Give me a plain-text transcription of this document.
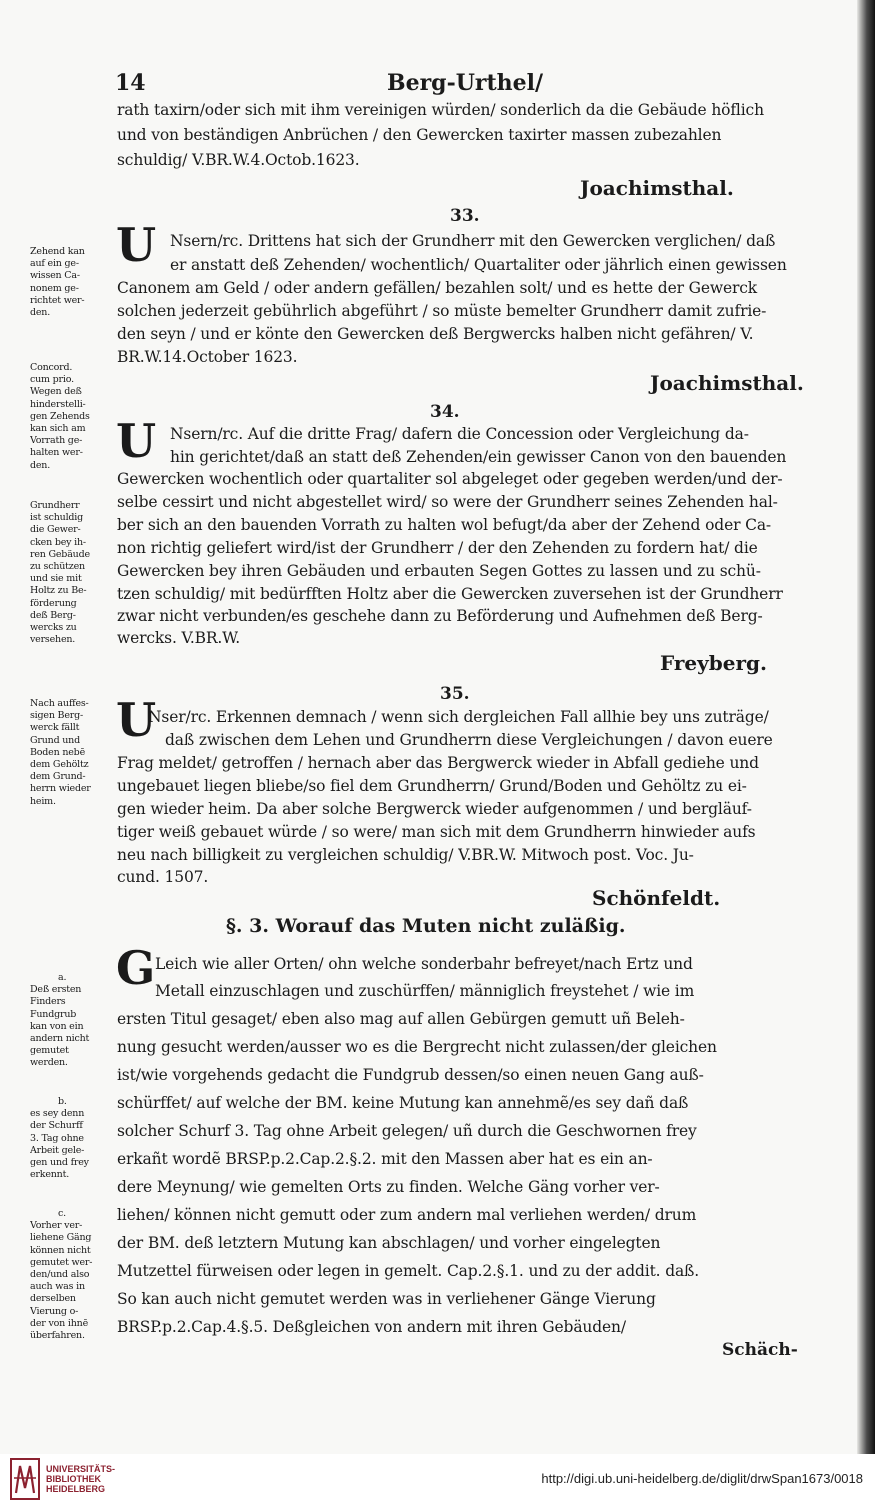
14	Berg-Urthel/
rath taxirn/oder sich mit ihm vereinigen würden/ sonderlich da die Gebäude höflich
und von beständigen Anbrüchen / den Gewercken taxirter massen zubezahlen
schuldig/ V.BR.W.4.Octob.1623.
Joachimsthal.
33.
U Nsern/rc. Drittens hat sich der Grundherr mit den Gewercken verglichen/ daß
er anstatt deß Zehenden/ wochentlich/ Quartaliter oder jährlich einen gewissen
Canonem am Geld / oder andern gefällen/ bezahlen solt/ und es hette der Gewerck
solchen jederzeit gebührlich abgeführt / so müste bemelter Grundherr damit zufrie-
den seyn / und er könte den Gewercken deß Bergwercks halben nicht gefähren/ V.
BR.W.14.October 1623.
Joachimsthal.
34.
U Nsern/rc. Auf die dritte Frag/ dafern die Concession oder Vergleichung da-
hin gerichtet/daß an statt deß Zehenden/ein gewisser Canon von den bauenden
Gewercken wochentlich oder quartaliter sol abgeleget oder gegeben werden/und der-
selbe cessirt und nicht abgestellet wird/ so were der Grundherr seines Zehenden hal-
ber sich an den bauenden Vorrath zu halten wol befugt/da aber der Zehend oder Ca-
non richtig geliefert wird/ist der Grundherr / der den Zehenden zu fordern hat/ die
Gewercken bey ihren Gebäuden und erbauten Segen Gottes zu lassen und zu schü-
tzen schuldig/ mit bedürfften Holtz aber die Gewercken zuversehen ist der Grundherr
zwar nicht verbunden/es geschehe dann zu Beförderung und Aufnehmen deß Berg-
wercks. V.BR.W.
Freyberg.
35.
U
Nser/rc. Erkennen demnach / wenn sich dergleichen Fall allhie bey uns zuträge/
daß zwischen dem Lehen und Grundherrn diese Vergleichungen / davon euere
Frag meldet/ getroffen / hernach aber das Bergwerck wieder in Abfall gediehe und
ungebauet liegen bliebe/so fiel dem Grundherrn/ Grund/Boden und Gehöltz zu ei-
gen wieder heim. Da aber solche Bergwerck wieder aufgenommen / und bergläuf-
tiger weiß gebauet würde / so were/ man sich mit dem Grundherrn hinwieder aufs
neu nach billigkeit zu vergleichen schuldig/ V.BR.W. Mitwoch post. Voc. Ju-
cund. 1507.
Schönfeldt.
§. 3. Worauf das Muten nicht zuläßig.
G Leich wie aller Orten/ ohn welche sonderbahr befreyet/nach Ertz und
Metall einzuschlagen und zuschürffen/ männiglich freystehet / wie im
ersten Titul gesaget/ eben also mag auf allen Gebürgen gemutt uñ Beleh-
nung gesucht werden/ausser wo es die Bergrecht nicht zulassen/der gleichen
ist/wie vorgehends gedacht die Fundgrub dessen/so einen neuen Gang auß-
schürffet/ auf welche der BM. keine Mutung kan annehmẽ/es sey dañ daß
solcher Schurf 3. Tag ohne Arbeit gelegen/ uñ durch die Geschwornen frey
erkañt wordẽ BRSP.p.2.Cap.2.§.2. mit den Massen aber hat es ein an-
dere Meynung/ wie gemelten Orts zu finden. Welche Gäng vorher ver-
liehen/ können nicht gemutt oder zum andern mal verliehen werden/ drum
der BM. deß letztern Mutung kan abschlagen/ und vorher eingelegten
Mutzettel fürweisen oder legen in gemelt. Cap.2.§.1. und zu der addit. daß.
So kan auch nicht gemutet werden was in verliehener Gänge Vierung
BRSP.p.2.Cap.4.§.5. Deßgleichen von andern mit ihren Gebäuden/
Schäch-
Zehend kan
auf ein ge-
wissen Ca-
nonem ge-
richtet wer-
den.
Concord.
cum prio.
Wegen deß
hinderstelli-
gen Zehends
kan sich am
Vorrath ge-
halten wer-
den.
Grundherr
ist schuldig
die Gewer-
cken bey ih-
ren Gebäude
zu schützen
und sie mit
Holtz zu Be-
förderung
deß Berg-
wercks zu
versehen.
Nach auffes-
sigen Berg-
werck fällt
Grund und
Boden nebē
dem Gehöltz
dem Grund-
herrn wieder
heim.
a.
Deß ersten
Finders
Fundgrub
kan von ein
andern nicht
gemutet
werden.
b.
es sey denn
der Schurff
3. Tag ohne
Arbeit gele-
gen und frey
erkennt.
c.
Vorher ver-
liehene Gäng
können nicht
gemutet wer-
den/und also
auch was in
derselben
Vierung o-
der von ihnē
überfahren.
UNIVERSITÄTS-
BIBLIOTHEK
HEIDELBERG
http://digi.ub.uni-heidelberg.de/diglit/drwSpan1673/0018
